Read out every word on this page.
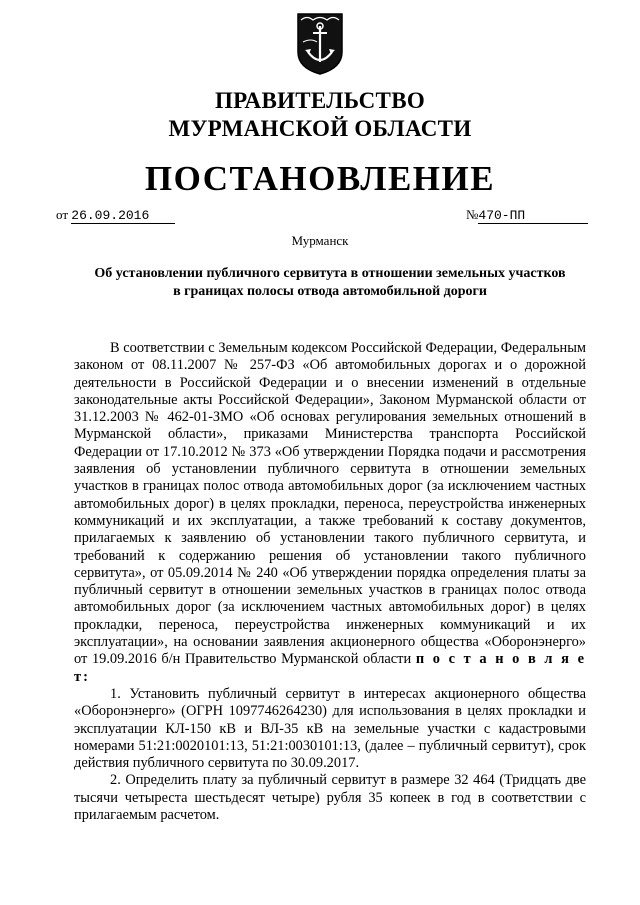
ПРАВИТЕЛЬСТВО
МУРМАНСКОЙ ОБЛАСТИ
ПОСТАНОВЛЕНИЕ
от 26.09.2016	№470-ПП
Мурманск
Об установлении публичного сервитута в отношении земельных участков
в границах полосы отвода автомобильной дороги

В соответствии с Земельным кодексом Российской Федерации, Федеральным законом от 08.11.2007 № 257-ФЗ «Об автомобильных дорогах и о дорожной деятельности в Российской Федерации и о внесении изменений в отдельные законодательные акты Российской Федерации», Законом Мурманской области от 31.12.2003 № 462-01-ЗМО «Об основах регулирования земельных отношений в Мурманской области», приказами Министерства транспорта Российской Федерации от 17.10.2012 № 373 «Об утверждении Порядка подачи и рассмотрения заявления об установлении публичного сервитута в отношении земельных участков в границах полос отвода автомобильных дорог (за исключением частных автомобильных дорог) в целях прокладки, переноса, переустройства инженерных коммуникаций и их эксплуатации, а также требований к составу документов, прилагаемых к заявлению об установлении такого публичного сервитута, и требований к содержанию решения об установлении такого публичного сервитута», от 05.09.2014 № 240 «Об утверждении порядка определения платы за публичный сервитут в отношении земельных участков в границах полос отвода автомобильных дорог (за исключением частных автомобильных дорог) в целях прокладки, переноса, переустройства инженерных коммуникаций и их эксплуатации», на основании заявления акционерного общества «Оборонэнерго» от 19.09.2016 б/н Правительство Мурманской области п о с т а н о в л я е т:

1. Установить публичный сервитут в интересах акционерного общества «Оборонэнерго» (ОГРН 1097746264230) для использования в целях прокладки и эксплуатации КЛ-150 кВ и ВЛ-35 кВ на земельные участки с кадастровыми номерами 51:21:0020101:13, 51:21:0030101:13, (далее – публичный сервитут), срок действия публичного сервитута по 30.09.2017.

2. Определить плату за публичный сервитут в размере 32 464 (Тридцать две тысячи четыреста шестьдесят четыре) рубля 35 копеек в год в соответствии с прилагаемым расчетом.
